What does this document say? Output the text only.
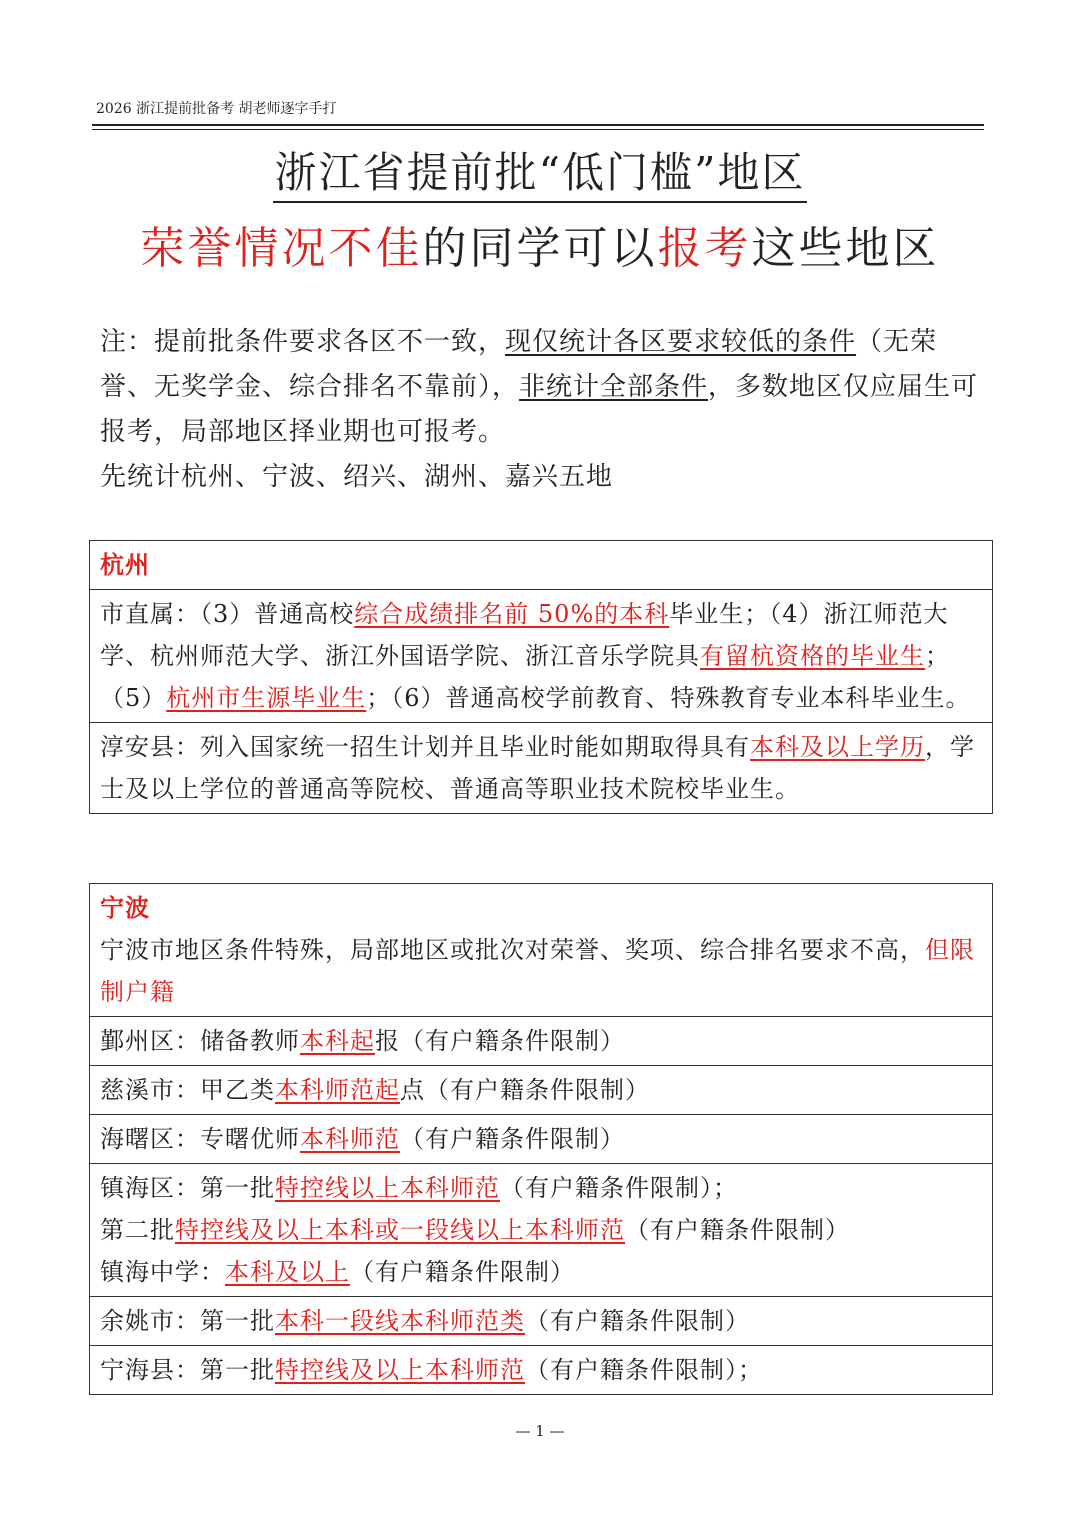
2026 浙江提前批备考 胡老师逐字手打
浙江省提前批“低门槛”地区
荣誉情况不佳的同学可以报考这些地区
注：提前批条件要求各区不一致，现仅统计各区要求较低的条件（无荣誉、无奖学金、综合排名不靠前），非统计全部条件，多数地区仅应届生可报考，局部地区择业期也可报考。
先统计杭州、宁波、绍兴、湖州、嘉兴五地
杭州
市直属：（3）普通高校综合成绩排名前 50%的本科毕业生；（4）浙江师范大学、杭州师范大学、浙江外国语学院、浙江音乐学院具有留杭资格的毕业生；（5）杭州市生源毕业生；（6）普通高校学前教育、特殊教育专业本科毕业生。
淳安县：列入国家统一招生计划并且毕业时能如期取得具有本科及以上学历，学士及以上学位的普通高等院校、普通高等职业技术院校毕业生。
宁波
宁波市地区条件特殊，局部地区或批次对荣誉、奖项、综合排名要求不高，但限制户籍

鄞州区：储备教师本科起报（有户籍条件限制）
慈溪市：甲乙类本科师范起点（有户籍条件限制）
海曙区：专曙优师本科师范（有户籍条件限制）

镇海区：第一批特控线以上本科师范（有户籍条件限制）；
第二批特控线及以上本科或一段线以上本科师范（有户籍条件限制）
镇海中学：本科及以上（有户籍条件限制）

余姚市：第一批本科一段线本科师范类（有户籍条件限制）
宁海县：第一批特控线及以上本科师范（有户籍条件限制）；
— 1 —
